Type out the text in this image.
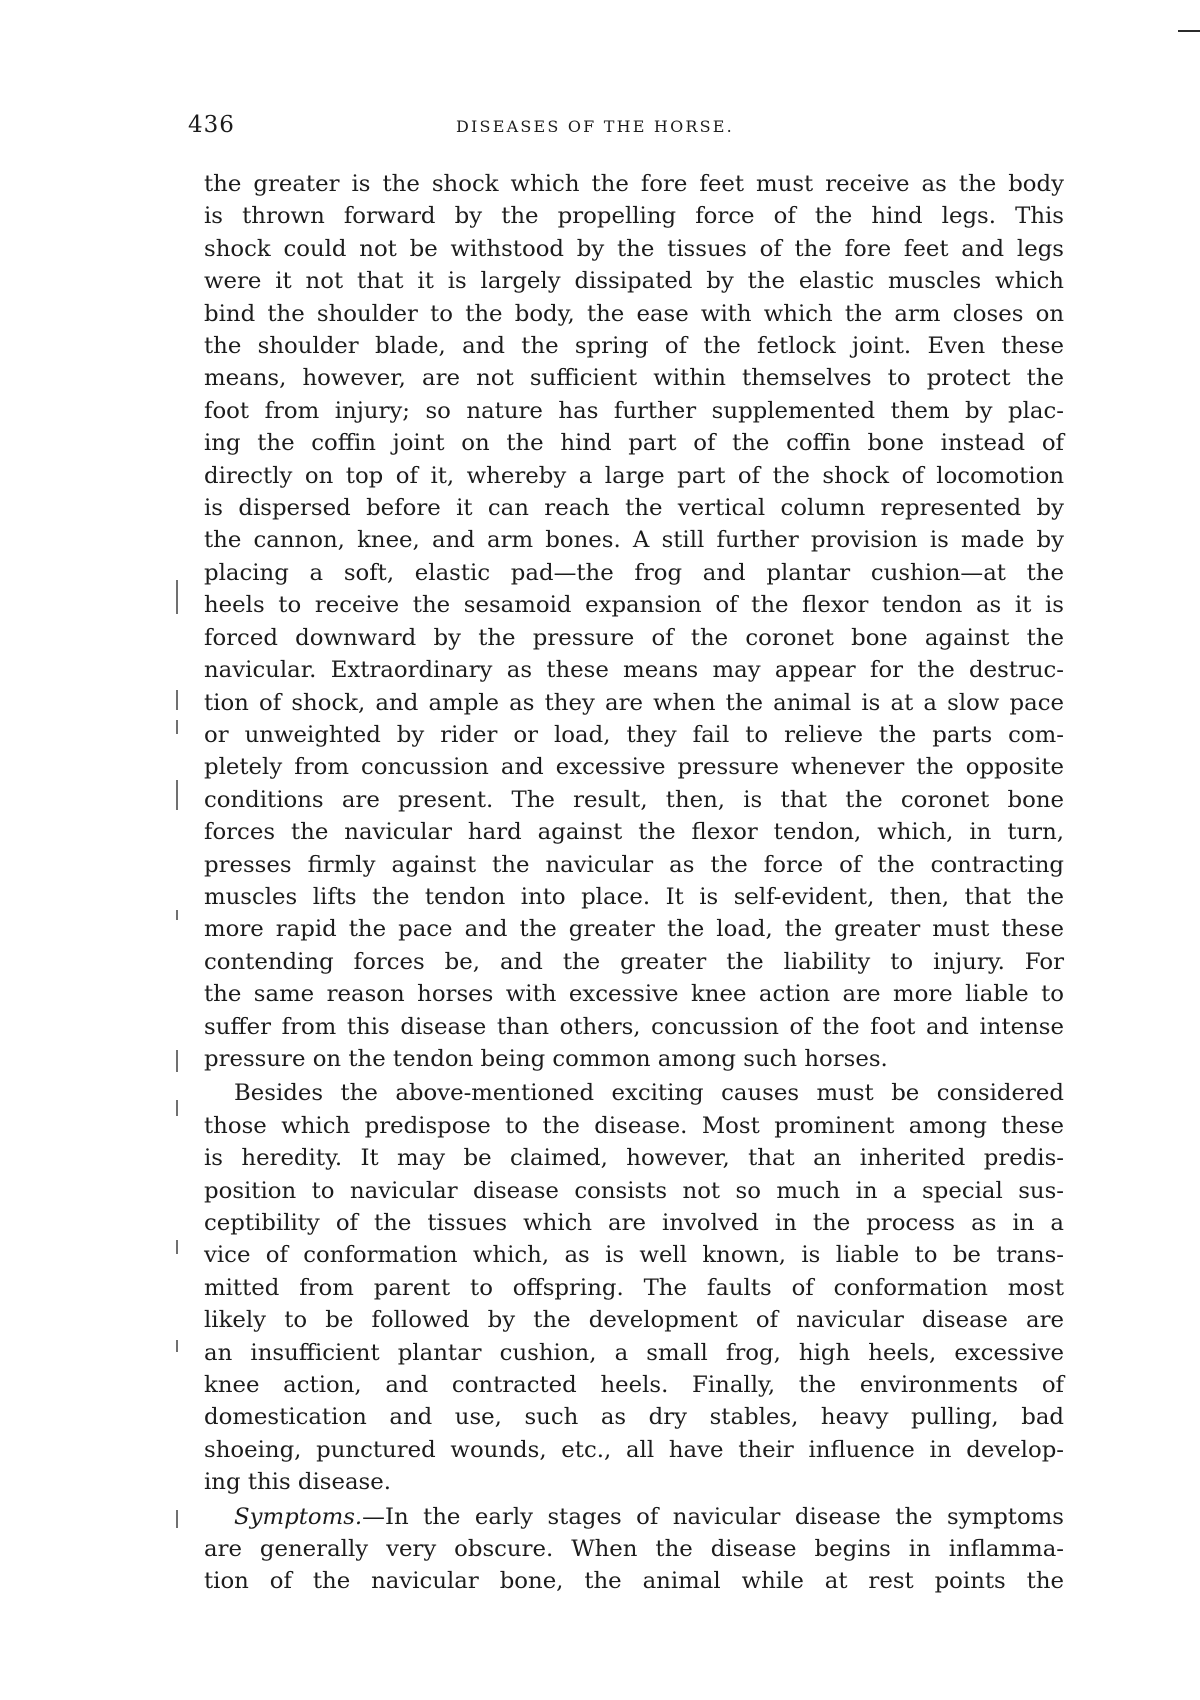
436	DISEASES OF THE HORSE.
the greater is the shock which the fore feet must receive as the body
is thrown forward by the propelling force of the hind legs. This
shock could not be withstood by the tissues of the fore feet and legs
were it not that it is largely dissipated by the elastic muscles which
bind the shoulder to the body, the ease with which the arm closes on
the shoulder blade, and the spring of the fetlock joint. Even these
means, however, are not sufficient within themselves to protect the
foot from injury; so nature has further supplemented them by plac-
ing the coffin joint on the hind part of the coffin bone instead of
directly on top of it, whereby a large part of the shock of locomotion
is dispersed before it can reach the vertical column represented by
the cannon, knee, and arm bones. A still further provision is made by
placing a soft, elastic pad—the frog and plantar cushion—at the
heels to receive the sesamoid expansion of the flexor tendon as it is
forced downward by the pressure of the coronet bone against the
navicular. Extraordinary as these means may appear for the destruc-
tion of shock, and ample as they are when the animal is at a slow pace
or unweighted by rider or load, they fail to relieve the parts com-
pletely from concussion and excessive pressure whenever the opposite
conditions are present. The result, then, is that the coronet bone
forces the navicular hard against the flexor tendon, which, in turn,
presses firmly against the navicular as the force of the contracting
muscles lifts the tendon into place. It is self-evident, then, that the
more rapid the pace and the greater the load, the greater must these
contending forces be, and the greater the liability to injury. For
the same reason horses with excessive knee action are more liable to
suffer from this disease than others, concussion of the foot and intense
pressure on the tendon being common among such horses.
Besides the above-mentioned exciting causes must be considered
those which predispose to the disease. Most prominent among these
is heredity. It may be claimed, however, that an inherited predis-
position to navicular disease consists not so much in a special sus-
ceptibility of the tissues which are involved in the process as in a
vice of conformation which, as is well known, is liable to be trans-
mitted from parent to offspring. The faults of conformation most
likely to be followed by the development of navicular disease are
an insufficient plantar cushion, a small frog, high heels, excessive
knee action, and contracted heels. Finally, the environments of
domestication and use, such as dry stables, heavy pulling, bad
shoeing, punctured wounds, etc., all have their influence in develop-
ing this disease.
Symptoms.—In the early stages of navicular disease the symptoms
are generally very obscure. When the disease begins in inflamma-
tion of the navicular bone, the animal while at rest points the
